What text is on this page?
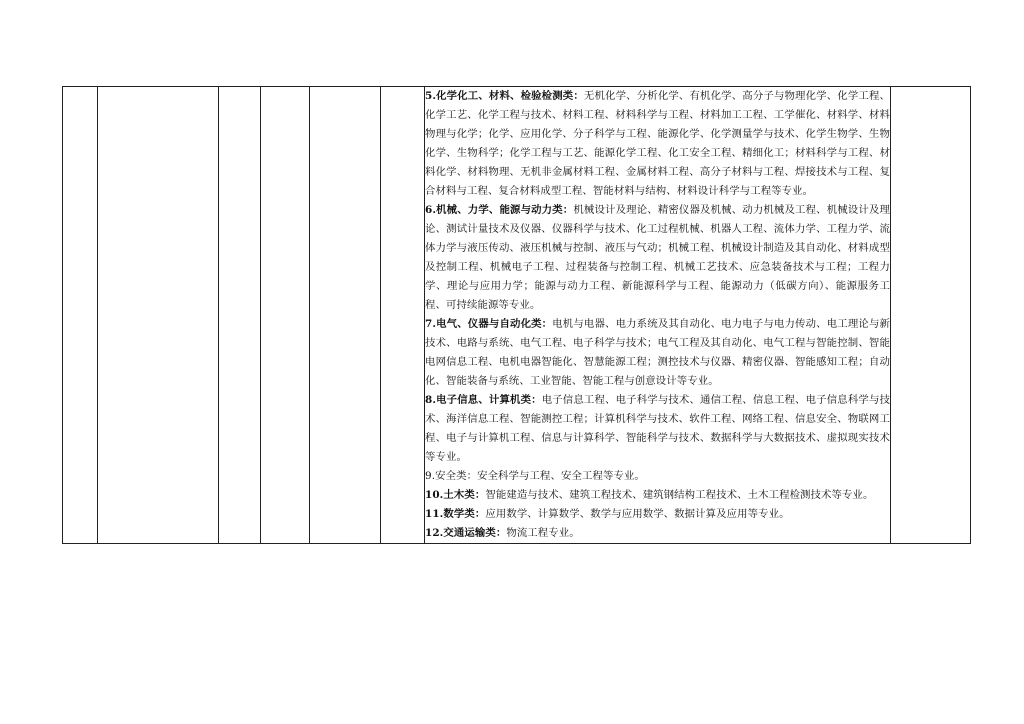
5.化学化工、材料、检验检测类：无机化学、分析化学、有机化学、高分子与物理化学、化学工程、化学工艺、化学工程与技术、材料工程、材料科学与工程、材料加工工程、工学催化、材料学、材料物理与化学；化学、应用化学、分子科学与工程、能源化学、化学测量学与技术、化学生物学、生物化学、生物科学；化学工程与工艺、能源化学工程、化工安全工程、精细化工；材料科学与工程、材料化学、材料物理、无机非金属材料工程、金属材料工程、高分子材料与工程、焊接技术与工程、复合材料与工程、复合材料成型工程、智能材料与结构、材料设计科学与工程等专业。
6.机械、力学、能源与动力类：机械设计及理论、精密仪器及机械、动力机械及工程、机械设计及理论、测试计量技术及仪器、仪器科学与技术、化工过程机械、机器人工程、流体力学、工程力学、流体力学与液压传动、液压机械与控制、液压与气动；机械工程、机械设计制造及其自动化、材料成型及控制工程、机械电子工程、过程装备与控制工程、机械工艺技术、应急装备技术与工程；工程力学、理论与应用力学；能源与动力工程、新能源科学与工程、能源动力（低碳方向）、能源服务工程、可持续能源等专业。
7.电气、仪器与自动化类：电机与电器、电力系统及其自动化、电力电子与电力传动、电工理论与新技术、电路与系统、电气工程、电子科学与技术；电气工程及其自动化、电气工程与智能控制、智能电网信息工程、电机电器智能化、智慧能源工程；测控技术与仪器、精密仪器、智能感知工程；自动化、智能装备与系统、工业智能、智能工程与创意设计等专业。
8.电子信息、计算机类：电子信息工程、电子科学与技术、通信工程、信息工程、电子信息科学与技术、海洋信息工程、智能测控工程；计算机科学与技术、软件工程、网络工程、信息安全、物联网工程、电子与计算机工程、信息与计算科学、智能科学与技术、数据科学与大数据技术、虚拟现实技术等专业。
9.安全类：安全科学与工程、安全工程等专业。
10.土木类：智能建造与技术、建筑工程技术、建筑钢结构工程技术、土木工程检测技术等专业。
11.数学类：应用数学、计算数学、数学与应用数学、数据计算及应用等专业。
12.交通运输类：物流工程专业。
